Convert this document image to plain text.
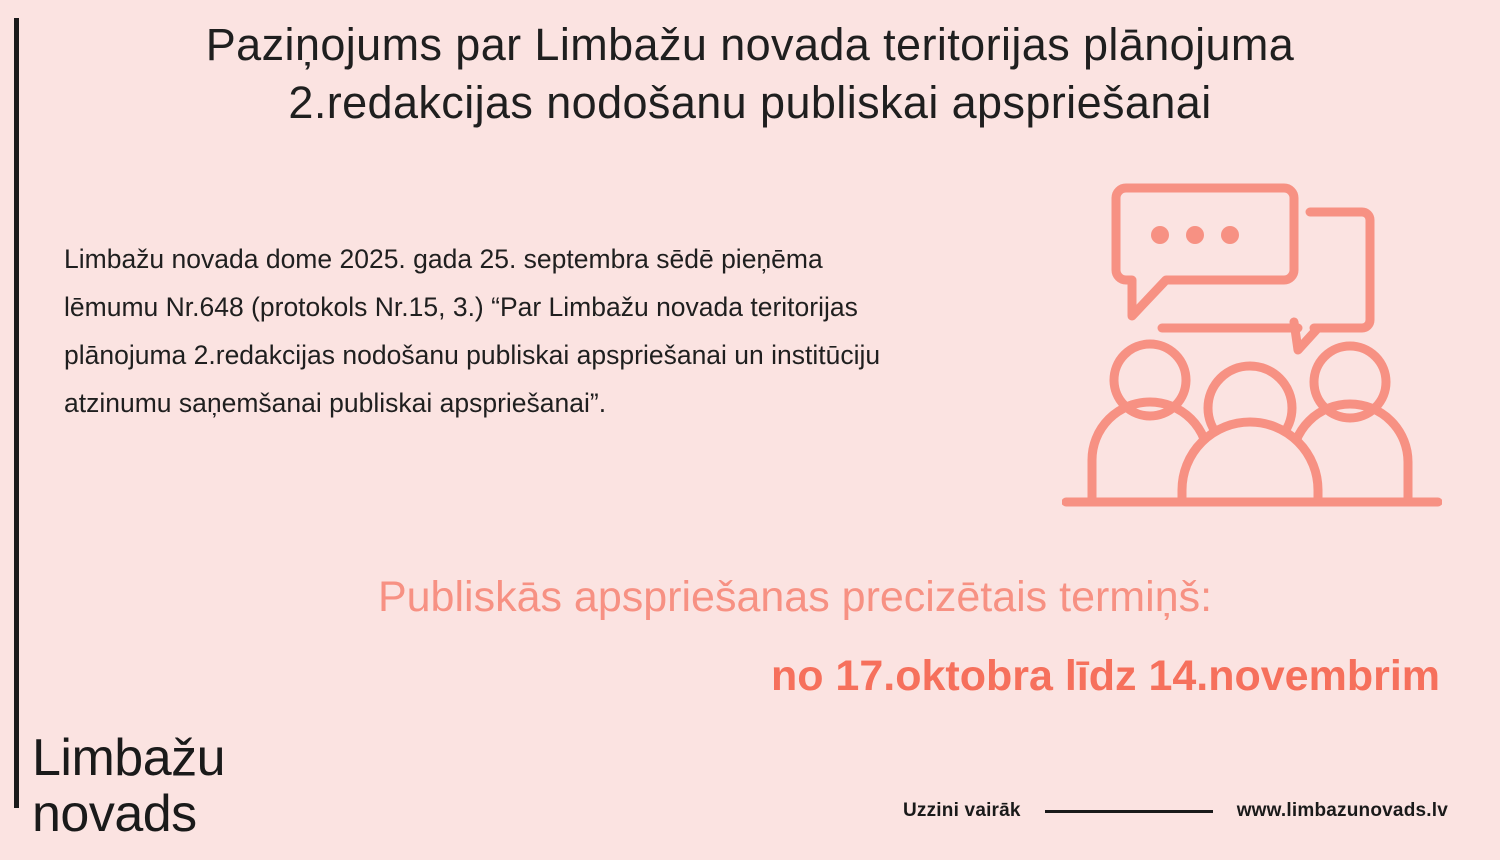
Paziņojums par Limbažu novada teritorijas plānojuma 2.redakcijas nodošanu publiskai apspriešanai
Limbažu novada dome 2025. gada 25. septembra sēdē pieņēma lēmumu Nr.648 (protokols Nr.15, 3.) “Par Limbažu novada teritorijas plānojuma 2.redakcijas nodošanu publiskai apspriešanai un institūciju atzinumu saņemšanai publiskai apspriešanai”.
Publiskās apspriešanas precizētais termiņš:
no 17.oktobra līdz 14.novembrim
Limbažu
novads	Uzzini vairāk	www.limbazunovads.lv
